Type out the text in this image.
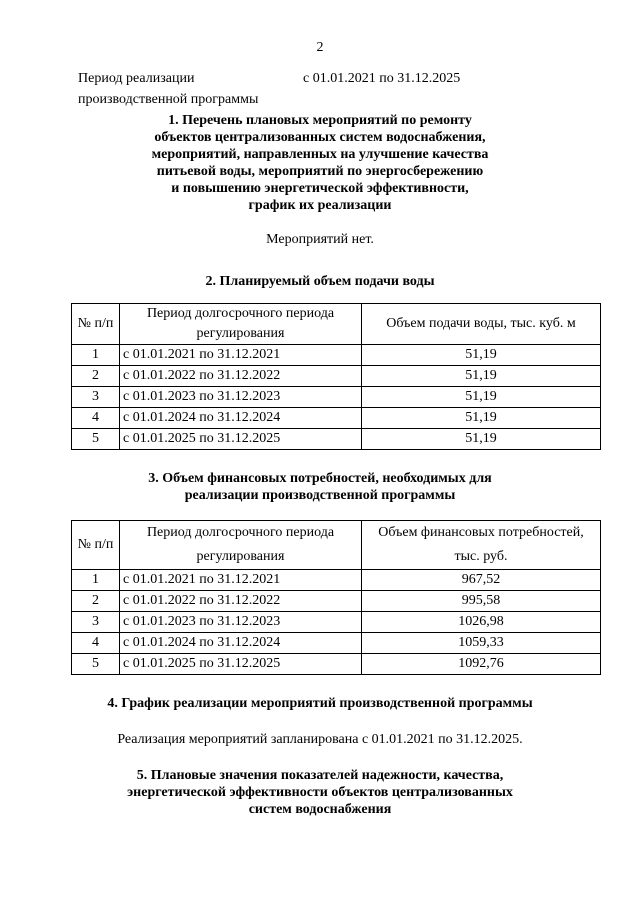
2
Период реализации производственной программы
с 01.01.2021 по 31.12.2025
1. Перечень плановых мероприятий по ремонту
объектов централизованных систем водоснабжения,
мероприятий, направленных на улучшение качества
питьевой воды, мероприятий по энергосбережению
и повышению энергетической эффективности,
график их реализации
Мероприятий нет.
2. Планируемый объем подачи воды
№ п/п	Период долгосрочного периода регулирования	Объем подачи воды, тыс. куб. м
1	с 01.01.2021 по 31.12.2021	51,19
2	с 01.01.2022 по 31.12.2022	51,19
3	с 01.01.2023 по 31.12.2023	51,19
4	с 01.01.2024 по 31.12.2024	51,19
5	с 01.01.2025 по 31.12.2025	51,19
3. Объем финансовых потребностей, необходимых для
реализации производственной программы
№ п/п	Период долгосрочного периода регулирования	Объем финансовых потребностей, тыс. руб.
1	с 01.01.2021 по 31.12.2021	967,52
2	с 01.01.2022 по 31.12.2022	995,58
3	с 01.01.2023 по 31.12.2023	1026,98
4	с 01.01.2024 по 31.12.2024	1059,33
5	с 01.01.2025 по 31.12.2025	1092,76
4. График реализации мероприятий производственной программы
Реализация мероприятий запланирована с 01.01.2021 по 31.12.2025.
5. Плановые значения показателей надежности, качества,
энергетической эффективности объектов централизованных
систем водоснабжения
